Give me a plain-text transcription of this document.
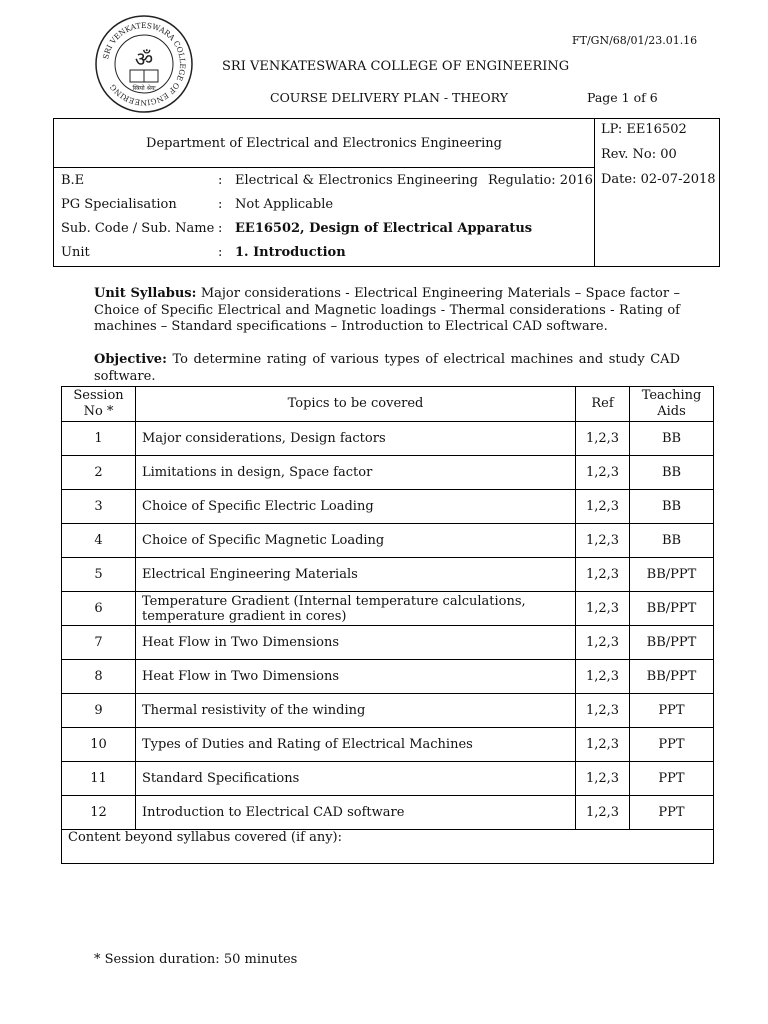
SRI VENKATESWARA COLLEGE OF ENGINEERING
ॐ
स्त्रियो श्रेयः
FT/GN/68/01/23.01.16
SRI VENKATESWARA COLLEGE OF ENGINEERING
COURSE DELIVERY PLAN - THEORY	Page 1 of 6
Department of Electrical and Electronics Engineering
LP: EE16502
Rev. No: 00
Date: 02-07-2018
B.E	: Electrical & Electronics Engineering Regulatio: 2016
PG Specialisation	: Not Applicable
Sub. Code / Sub. Name : EE16502, Design of Electrical Apparatus
Unit	: 1. Introduction
Unit Syllabus: Major considerations - Electrical Engineering Materials – Space factor – Choice of Specific Electrical and Magnetic loadings - Thermal considerations - Rating of machines – Standard specifications – Introduction to Electrical CAD software.
Objective: To determine rating of various types of electrical machines and study CAD software.
Session No *	Topics to be covered	Ref	Teaching Aids
1	Major considerations, Design factors	1,2,3	BB
2	Limitations in design, Space factor	1,2,3	BB
3	Choice of Specific Electric Loading	1,2,3	BB
4	Choice of Specific Magnetic Loading	1,2,3	BB
5	Electrical Engineering Materials	1,2,3	BB/PPT
6	Temperature Gradient (Internal temperature calculations, temperature gradient in cores)	1,2,3	BB/PPT
7	Heat Flow in Two Dimensions	1,2,3	BB/PPT
8	Heat Flow in Two Dimensions	1,2,3	BB/PPT
9	Thermal resistivity of the winding	1,2,3	PPT
10	Types of Duties and Rating of Electrical Machines	1,2,3	PPT
11	Standard Specifications	1,2,3	PPT
12	Introduction to Electrical CAD software	1,2,3	PPT
Content beyond syllabus covered (if any):			
* Session duration: 50 minutes
